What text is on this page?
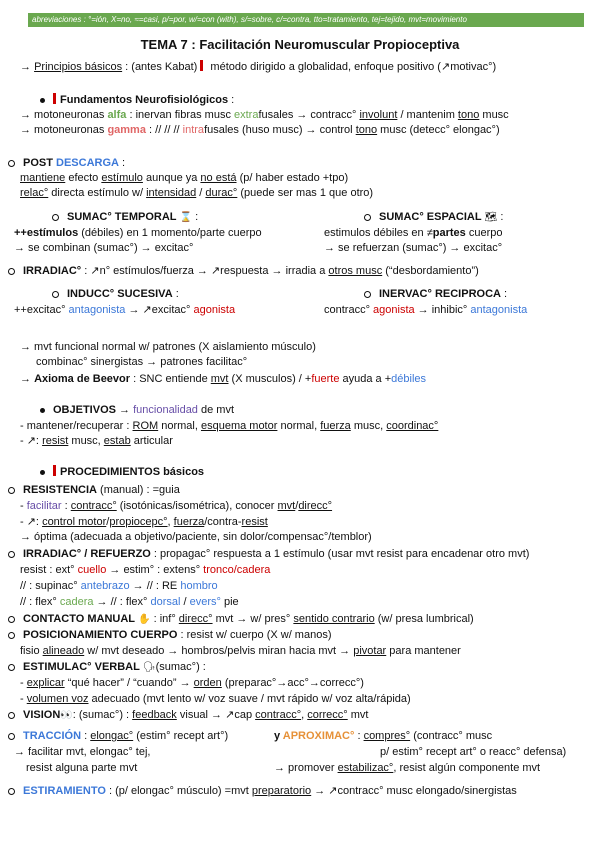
abreviaciones : °=ión, X=no, ≈=casi, p/=por, w/=con (with), s/=sobre, c/=contra, tto=tratamiento, tej=tejido, mvt=movimiento
TEMA 7 : Facilitación Neuromuscular Propioceptiva
→ Principios básicos : (antes Kabat)  método dirigido a globalidad, enfoque positivo (↗motivac°)
Fundamentos Neurofisiológicos :
→ motoneuronas alfa : inervan fibras musc extrafusales → contracc° involunt / mantenim tono musc
→ motoneuronas gamma : // // // intrafusales (huso musc) → control tono musc (detecc° elongac°)
POST DESCARGA :
mantiene efecto estímulo aunque ya no está (p/ haber estado +tpo)
relac° directa estímulo w/ intensidad / durac° (puede ser mas 1 que otro)
SUMAC° TEMPORAL ⌛ :	SUMAC° ESPACIAL 🗺 :
++estímulos (débiles) en 1 momento/parte cuerpo	estimulos débiles en ≠partes cuerpo
→ se combinan (sumac°) → excitac°	→ se refuerzan (sumac°) → excitac°
IRRADIAC° : ↗n° estímulos/fuerza → ↗respuesta → irradia a otros musc (“desbordamiento”)
INDUCC° SUCESIVA :	INERVAC° RECIPROCA :
++excitac° antagonista → ↗excitac° agonista	contracc° agonista → inhibic° antagonista
→ mvt funcional normal w/ patrones (X aislamiento músculo)
combinac° sinergistas → patrones facilitac°
→ Axioma de Beevor : SNC entiende mvt (X musculos) / +fuerte ayuda a +débiles
OBJETIVOS → funcionalidad de mvt
- mantener/recuperar : ROM normal, esquema motor normal, fuerza musc, coordinac°
- ↗: resist musc, estab articular
PROCEDIMIENTOS básicos
RESISTENCIA (manual) : =guia
- facilitar : contracc° (isotónicas/isométrica), conocer mvt/direcc°
- ↗: control motor/propiocepc°, fuerza/contra-resist
→ óptima (adecuada a objetivo/paciente, sin dolor/compensac°/temblor)
IRRADIAC° / REFUERZO : propagac° respuesta a 1 estímulo (usar mvt resist para encadenar otro mvt)
resist : ext° cuello → estim° : extens° tronco/cadera
// : supinac° antebrazo → // : RE hombro
// : flex° cadera → // : flex° dorsal / evers° pie
CONTACTO MANUAL ✋ : inf° direcc° mvt → w/ pres° sentido contrario (w/ presa lumbrical)
POSICIONAMIENTO CUERPO : resist w/ cuerpo (X w/ manos)
fisio alineado w/ mvt deseado → hombros/pelvis miran hacia mvt → pivotar para mantener
ESTIMULAC° VERBAL 🗣(sumac°) :
- explicar “qué hacer” / “cuando” → orden (preparac°→acc°→correcc°)
- volumen voz adecuado (mvt lento w/ voz suave / mvt rápido w/ voz alta/rápida)
VISION👀: (sumac°) : feedback visual → ↗cap contracc°, correcc° mvt
TRACCIÓN : elongac° (estim° recept art°)	y APROXIMAC° : compres° (contracc° musc
→ facilitar mvt, elongac° tej,	p/ estim° recept art° o reacc° defensa)
resist alguna parte mvt	→ promover estabilizac°, resist algún componente mvt
ESTIRAMIENTO : (p/ elongac° músculo) =mvt preparatorio → ↗contracc° musc elongado/sinergistas
